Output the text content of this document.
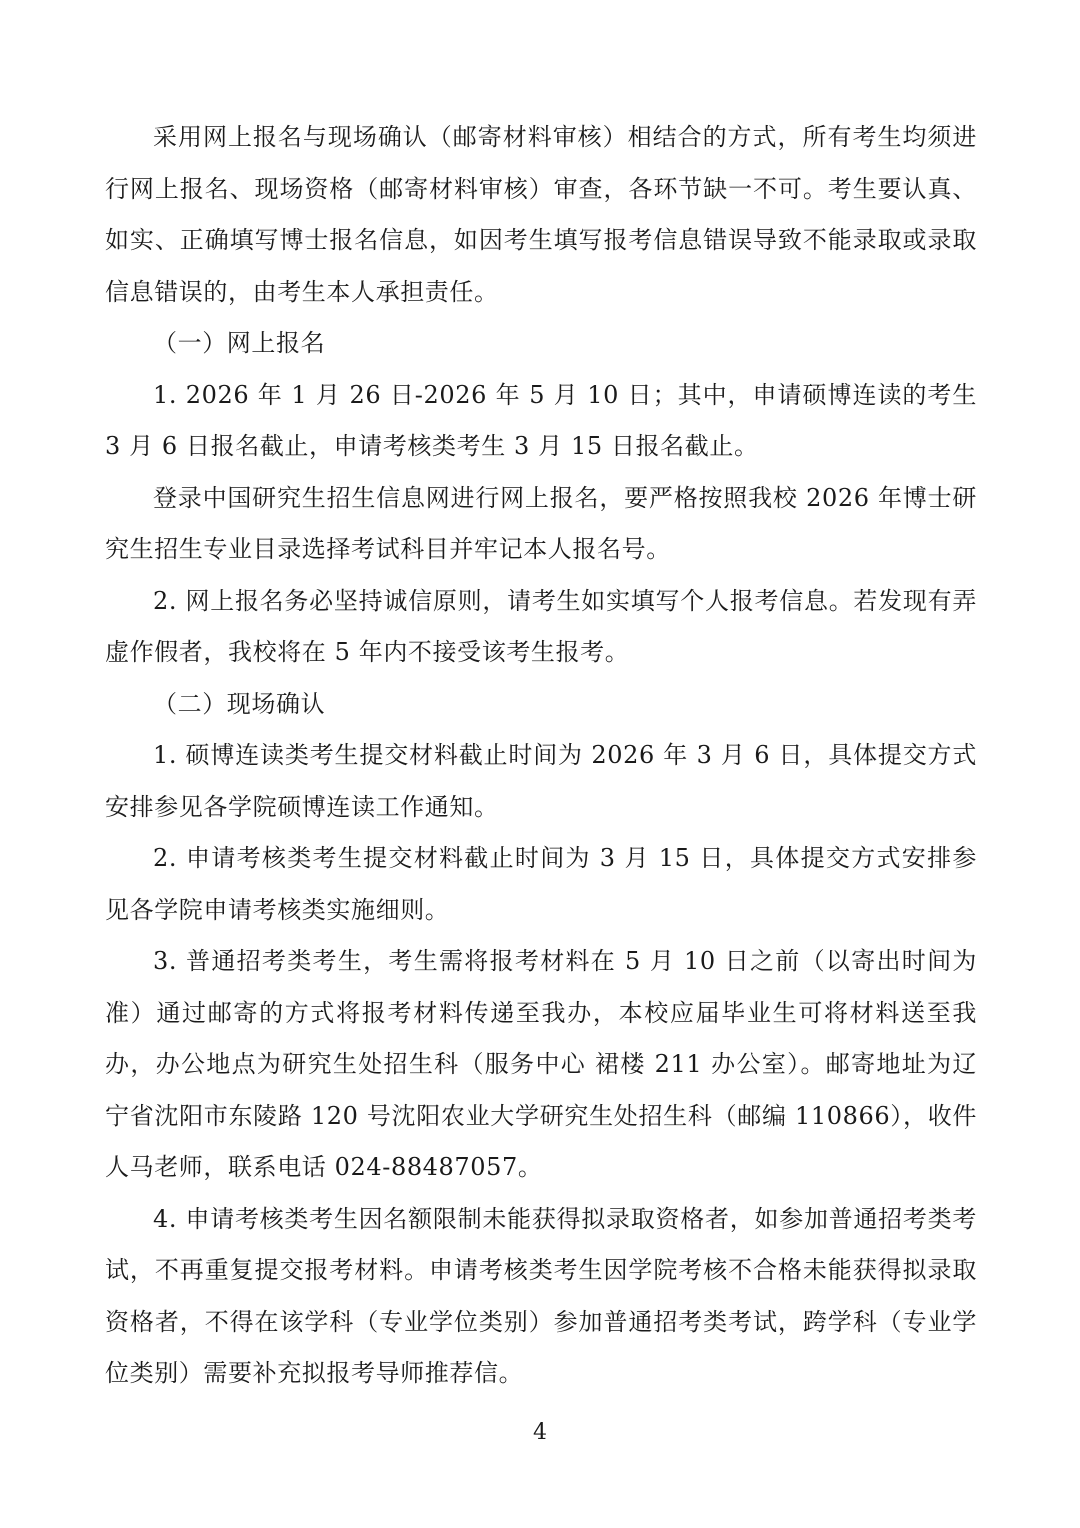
采用网上报名与现场确认（邮寄材料审核）相结合的方式，所有考生均须进行网上报名、现场资格（邮寄材料审核）审查，各环节缺一不可。考生要认真、如实、正确填写博士报名信息，如因考生填写报考信息错误导致不能录取或录取信息错误的，由考生本人承担责任。

（一）网上报名

1. 2026 年 1 月 26 日-2026 年 5 月 10 日；其中，申请硕博连读的考生 3 月 6 日报名截止，申请考核类考生 3 月 15 日报名截止。

登录中国研究生招生信息网进行网上报名，要严格按照我校 2026 年博士研究生招生专业目录选择考试科目并牢记本人报名号。

2. 网上报名务必坚持诚信原则，请考生如实填写个人报考信息。若发现有弄虚作假者，我校将在 5 年内不接受该考生报考。

（二）现场确认

1. 硕博连读类考生提交材料截止时间为 2026 年 3 月 6 日，具体提交方式安排参见各学院硕博连读工作通知。

2. 申请考核类考生提交材料截止时间为 3 月 15 日，具体提交方式安排参见各学院申请考核类实施细则。

3. 普通招考类考生，考生需将报考材料在 5 月 10 日之前（以寄出时间为准）通过邮寄的方式将报考材料传递至我办，本校应届毕业生可将材料送至我办，办公地点为研究生处招生科（服务中心 裙楼 211 办公室）。邮寄地址为辽宁省沈阳市东陵路 120 号沈阳农业大学研究生处招生科（邮编 110866），收件人马老师，联系电话 024-88487057。

4. 申请考核类考生因名额限制未能获得拟录取资格者，如参加普通招考类考试，不再重复提交报考材料。申请考核类考生因学院考核不合格未能获得拟录取资格者，不得在该学科（专业学位类别）参加普通招考类考试，跨学科（专业学位类别）需要补充拟报考导师推荐信。

4
